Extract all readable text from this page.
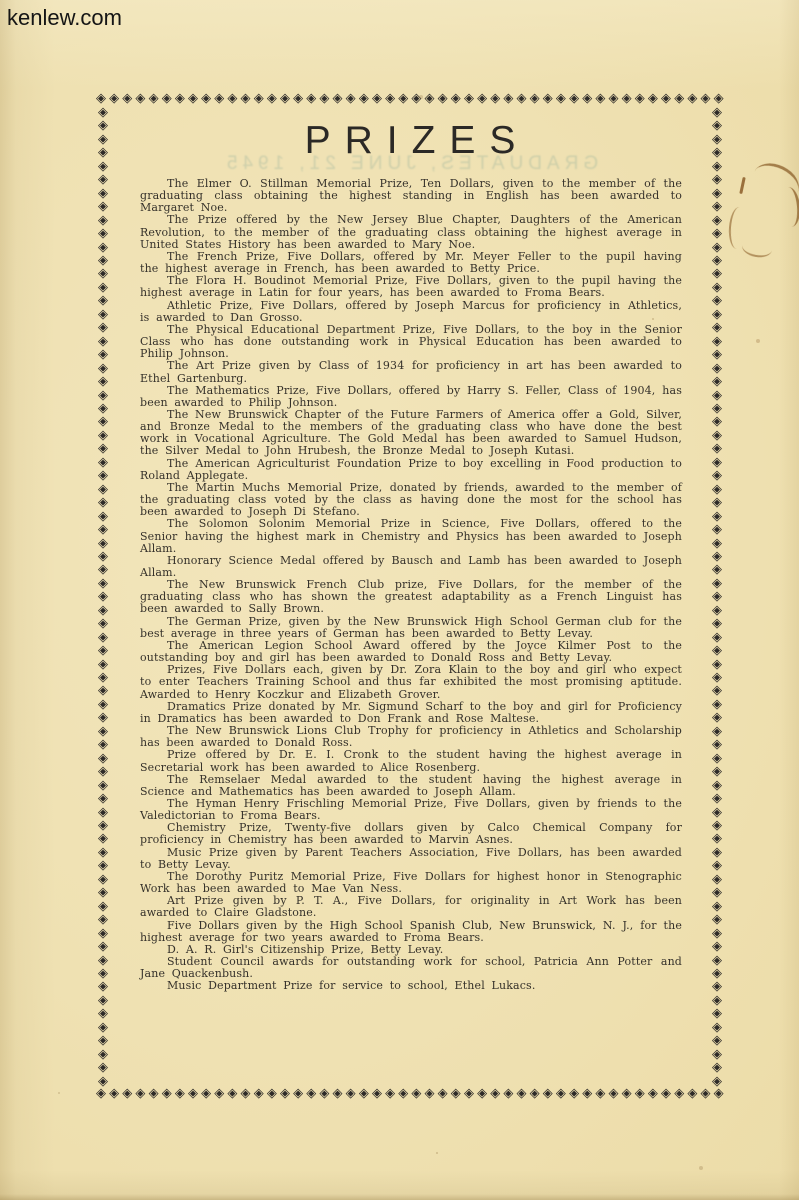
kenlew.com
◈ ◈ ◈ ◈ ◈ ◈ ◈ ◈ ◈ ◈ ◈ ◈ ◈ ◈ ◈ ◈ ◈ ◈ ◈ ◈ ◈ ◈ ◈ ◈ ◈ ◈ ◈ ◈ ◈ ◈ ◈ ◈ ◈ ◈ ◈ ◈ ◈ ◈ ◈ ◈ ◈ ◈ ◈ ◈ ◈ ◈ ◈ ◈
◈ ◈ ◈ ◈ ◈ ◈ ◈ ◈ ◈ ◈ ◈ ◈ ◈ ◈ ◈ ◈ ◈ ◈ ◈ ◈ ◈ ◈ ◈ ◈ ◈ ◈ ◈ ◈ ◈ ◈ ◈ ◈ ◈ ◈ ◈ ◈ ◈ ◈ ◈ ◈ ◈ ◈ ◈ ◈ ◈ ◈ ◈ ◈
◈
◈
◈
◈
◈
◈
◈
◈
◈
◈
◈
◈
◈
◈
◈
◈
◈
◈
◈
◈
◈
◈
◈
◈
◈
◈
◈
◈
◈
◈
◈
◈
◈
◈
◈
◈
◈
◈
◈
◈
◈
◈
◈
◈
◈
◈
◈
◈
◈
◈
◈
◈
◈
◈
◈
◈
◈
◈
◈
◈
◈
◈
◈
◈
◈
◈
◈
◈
◈
◈
◈
◈
◈
◈
◈
◈
◈
◈
◈
◈
◈
◈
◈
◈
◈
◈
◈
◈
◈
◈
◈
◈
◈
◈
◈
◈
◈
◈
◈
◈
◈
◈
◈
◈
◈
◈
◈
◈
◈
◈
◈
◈
◈
◈
◈
◈
◈
◈
◈
◈
◈
◈
◈
◈
◈
◈
◈
◈
◈
◈
◈
◈
◈
◈
◈
◈
◈
◈
◈
◈
◈
◈
◈
◈
◈
◈
GRADUATES, JUNE 21, 1945
PRIZES

The Elmer O. Stillman Memorial Prize, Ten Dollars, given to the member of the graduating class obtaining the highest standing in English has been awarded to Margaret Noe.

The Prize offered by the New Jersey Blue Chapter, Daughters of the American Revolution, to the member of the graduating class obtaining the highest average in United States History has been awarded to Mary Noe.

The French Prize, Five Dollars, offered by Mr. Meyer Feller to the pupil having the highest average in French, has been awarded to Betty Price.

The Flora H. Boudinot Memorial Prize, Five Dollars, given to the pupil having the highest average in Latin for four years, has been awarded to Froma Bears.

Athletic Prize, Five Dollars, offered by Joseph Marcus for proficiency in Athletics, is awarded to Dan Grosso.

The Physical Educational Department Prize, Five Dollars, to the boy in the Senior Class who has done outstanding work in Physical Education has been awarded to Philip Johnson.

The Art Prize given by Class of 1934 for proficiency in art has been awarded to Ethel Gartenburg.

The Mathematics Prize, Five Dollars, offered by Harry S. Feller, Class of 1904, has been awarded to Philip Johnson.

The New Brunswick Chapter of the Future Farmers of America offer a Gold, Silver, and Bronze Medal to the members of the graduating class who have done the best work in Vocational Agriculture. The Gold Medal has been awarded to Samuel Hudson, the Silver Medal to John Hrubesh, the Bronze Medal to Joseph Kutasi.

The American Agriculturist Foundation Prize to boy excelling in Food production to Roland Applegate.

The Martin Muchs Memorial Prize, donated by friends, awarded to the member of the graduating class voted by the class as having done the most for the school has been awarded to Joseph Di Stefano.

The Solomon Solonim Memorial Prize in Science, Five Dollars, offered to the Senior having the highest mark in Chemistry and Physics has been awarded to Joseph Allam.

Honorary Science Medal offered by Bausch and Lamb has been awarded to Joseph Allam.

The New Brunswick French Club prize, Five Dollars, for the member of the graduating class who has shown the greatest adaptability as a French Linguist has been awarded to Sally Brown.

The German Prize, given by the New Brunswick High School German club for the best average in three years of German has been awarded to Betty Levay.

The American Legion School Award offered by the Joyce Kilmer Post to the outstanding boy and girl has been awarded to Donald Ross and Betty Levay.

Prizes, Five Dollars each, given by Dr. Zora Klain to the boy and girl who expect to enter Teachers Training School and thus far exhibited the most promising aptitude. Awarded to Henry Koczkur and Elizabeth Grover.

Dramatics Prize donated by Mr. Sigmund Scharf to the boy and girl for Proficiency in Dramatics has been awarded to Don Frank and Rose Maltese.

The New Brunswick Lions Club Trophy for proficiency in Athletics and Scholarship has been awarded to Donald Ross.

Prize offered by Dr. E. I. Cronk to the student having the highest average in Secretarial work has been awarded to Alice Rosenberg.

The Remselaer Medal awarded to the student having the highest average in Science and Mathematics has been awarded to Joseph Allam.

The Hyman Henry Frischling Memorial Prize, Five Dollars, given by friends to the Valedictorian to Froma Bears.

Chemistry Prize, Twenty-five dollars given by Calco Chemical Company for proficiency in Chemistry has been awarded to Marvin Asnes.

Music Prize given by Parent Teachers Association, Five Dollars, has been awarded to Betty Levay.

The Dorothy Puritz Memorial Prize, Five Dollars for highest honor in Stenographic Work has been awarded to Mae Van Ness.

Art Prize given by P. T. A., Five Dollars, for originality in Art Work has been awarded to Claire Gladstone.

Five Dollars given by the High School Spanish Club, New Brunswick, N. J., for the highest average for two years awarded to Froma Bears.

D. A. R. Girl's Citizenship Prize, Betty Levay.

Student Council awards for outstanding work for school, Patricia Ann Potter and Jane Quackenbush.

Music Department Prize for service to school, Ethel Lukacs.
